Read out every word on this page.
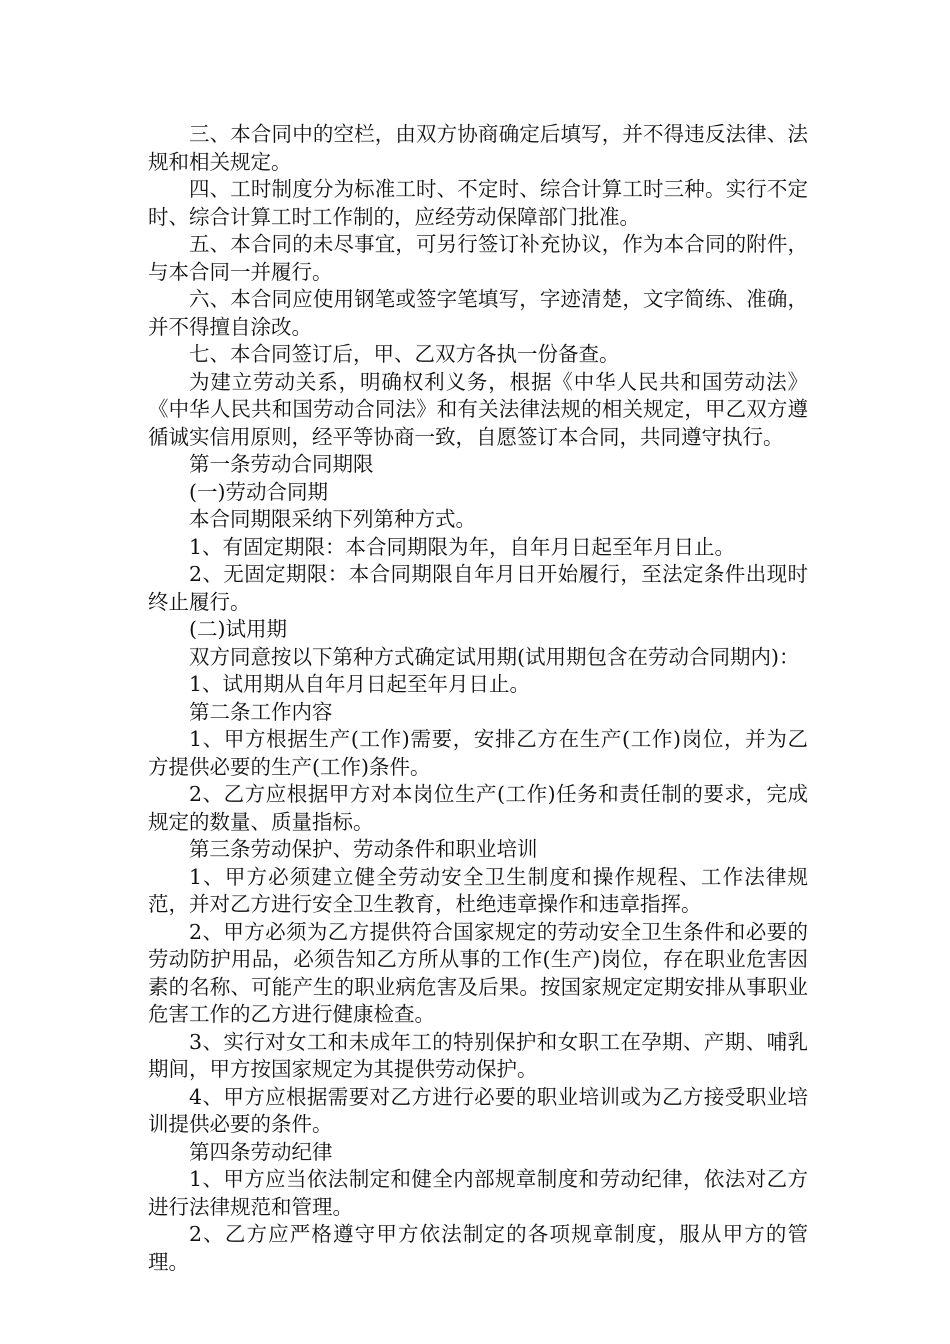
三、本合同中的空栏，由双方协商确定后填写，并不得违反法律、法规和相关规定。

四、工时制度分为标准工时、不定时、综合计算工时三种。实行不定时、综合计算工时工作制的，应经劳动保障部门批准。

五、本合同的未尽事宜，可另行签订补充协议，作为本合同的附件，与本合同一并履行。

六、本合同应使用钢笔或签字笔填写，字迹清楚，文字简练、准确，并不得擅自涂改。

七、本合同签订后，甲、乙双方各执一份备查。

为建立劳动关系，明确权利义务，根据《中华人民共和国劳动法》《中华人民共和国劳动合同法》和有关法律法规的相关规定，甲乙双方遵循诚实信用原则，经平等协商一致，自愿签订本合同，共同遵守执行。

第一条劳动合同期限

(一)劳动合同期

本合同期限采纳下列第种方式。

1、有固定期限：本合同期限为年，自年月日起至年月日止。

2、无固定期限：本合同期限自年月日开始履行，至法定条件出现时终止履行。

(二)试用期

双方同意按以下第种方式确定试用期(试用期包含在劳动合同期内)：

1、试用期从自年月日起至年月日止。

第二条工作内容

1、甲方根据生产(工作)需要，安排乙方在生产(工作)岗位，并为乙方提供必要的生产(工作)条件。

2、乙方应根据甲方对本岗位生产(工作)任务和责任制的要求，完成规定的数量、质量指标。

第三条劳动保护、劳动条件和职业培训

1、甲方必须建立健全劳动安全卫生制度和操作规程、工作法律规范，并对乙方进行安全卫生教育，杜绝违章操作和违章指挥。

2、甲方必须为乙方提供符合国家规定的劳动安全卫生条件和必要的劳动防护用品，必须告知乙方所从事的工作(生产)岗位，存在职业危害因素的名称、可能产生的职业病危害及后果。按国家规定定期安排从事职业危害工作的乙方进行健康检查。

3、实行对女工和未成年工的特别保护和女职工在孕期、产期、哺乳期间，甲方按国家规定为其提供劳动保护。

4、甲方应根据需要对乙方进行必要的职业培训或为乙方接受职业培训提供必要的条件。

第四条劳动纪律

1、甲方应当依法制定和健全内部规章制度和劳动纪律，依法对乙方进行法律规范和管理。

2、乙方应严格遵守甲方依法制定的各项规章制度，服从甲方的管理。
